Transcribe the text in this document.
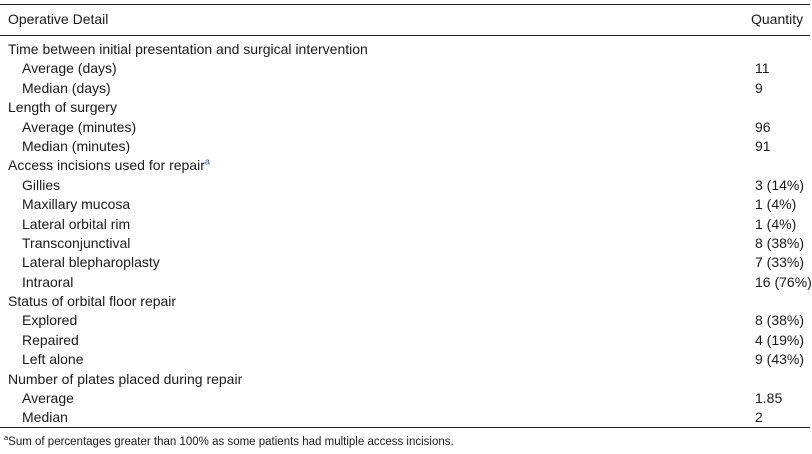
Operative Detail	Quantity
Time between initial presentation and surgical intervention
Average (days)	11
Median (days)	9
Length of surgery
Average (minutes)	96
Median (minutes)	91
Access incisions used for repair$^a$
Gillies	3 (14%)
Maxillary mucosa	1 (4%)
Lateral orbital rim	1 (4%)
Transconjunctival	8 (38%)
Lateral blepharoplasty	7 (33%)
Intraoral	16 (76%)
Status of orbital floor repair
Explored	8 (38%)
Repaired	4 (19%)
Left alone	9 (43%)
Number of plates placed during repair
Average	1.85
Median	2
$^a$Sum of percentages greater than 100% as some patients had multiple access incisions.
